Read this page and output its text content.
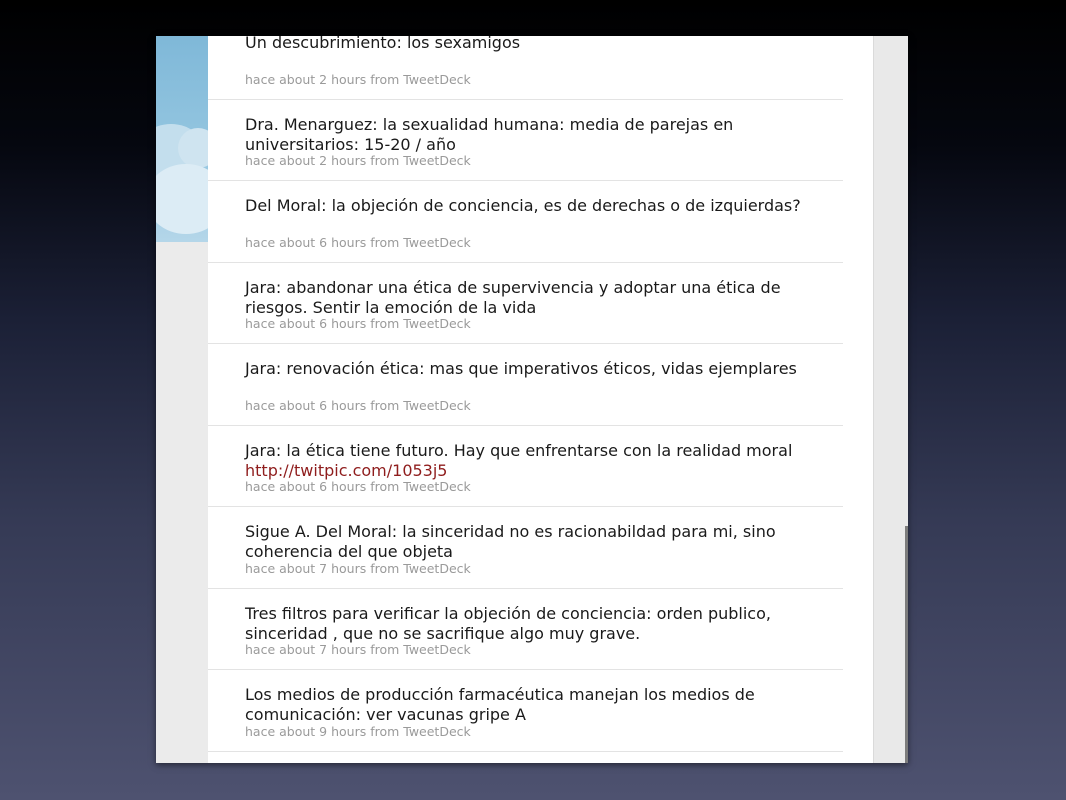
Un descubrimiento: los sexamigos
hace about 2 hours from TweetDeck
Dra. Menarguez: la sexualidad humana: media de parejas en universitarios: 15-20 / año
hace about 2 hours from TweetDeck
Del Moral: la objeción de conciencia, es de derechas o de izquierdas?
hace about 6 hours from TweetDeck
Jara: abandonar una ética de supervivencia y adoptar una ética de riesgos. Sentir la emoción de la vida
hace about 6 hours from TweetDeck
Jara: renovación ética: mas que imperativos éticos, vidas ejemplares
hace about 6 hours from TweetDeck
Jara: la ética tiene futuro. Hay que enfrentarse con la realidad moral http://twitpic.com/1053j5
hace about 6 hours from TweetDeck
Sigue A. Del Moral: la sinceridad no es racionabildad para mi, sino coherencia del que objeta
hace about 7 hours from TweetDeck
Tres filtros para verificar la objeción de conciencia: orden publico, sinceridad , que no se sacrifique algo muy grave.
hace about 7 hours from TweetDeck
Los medios de producción farmacéutica manejan los medios de comunicación: ver vacunas gripe A
hace about 9 hours from TweetDeck
